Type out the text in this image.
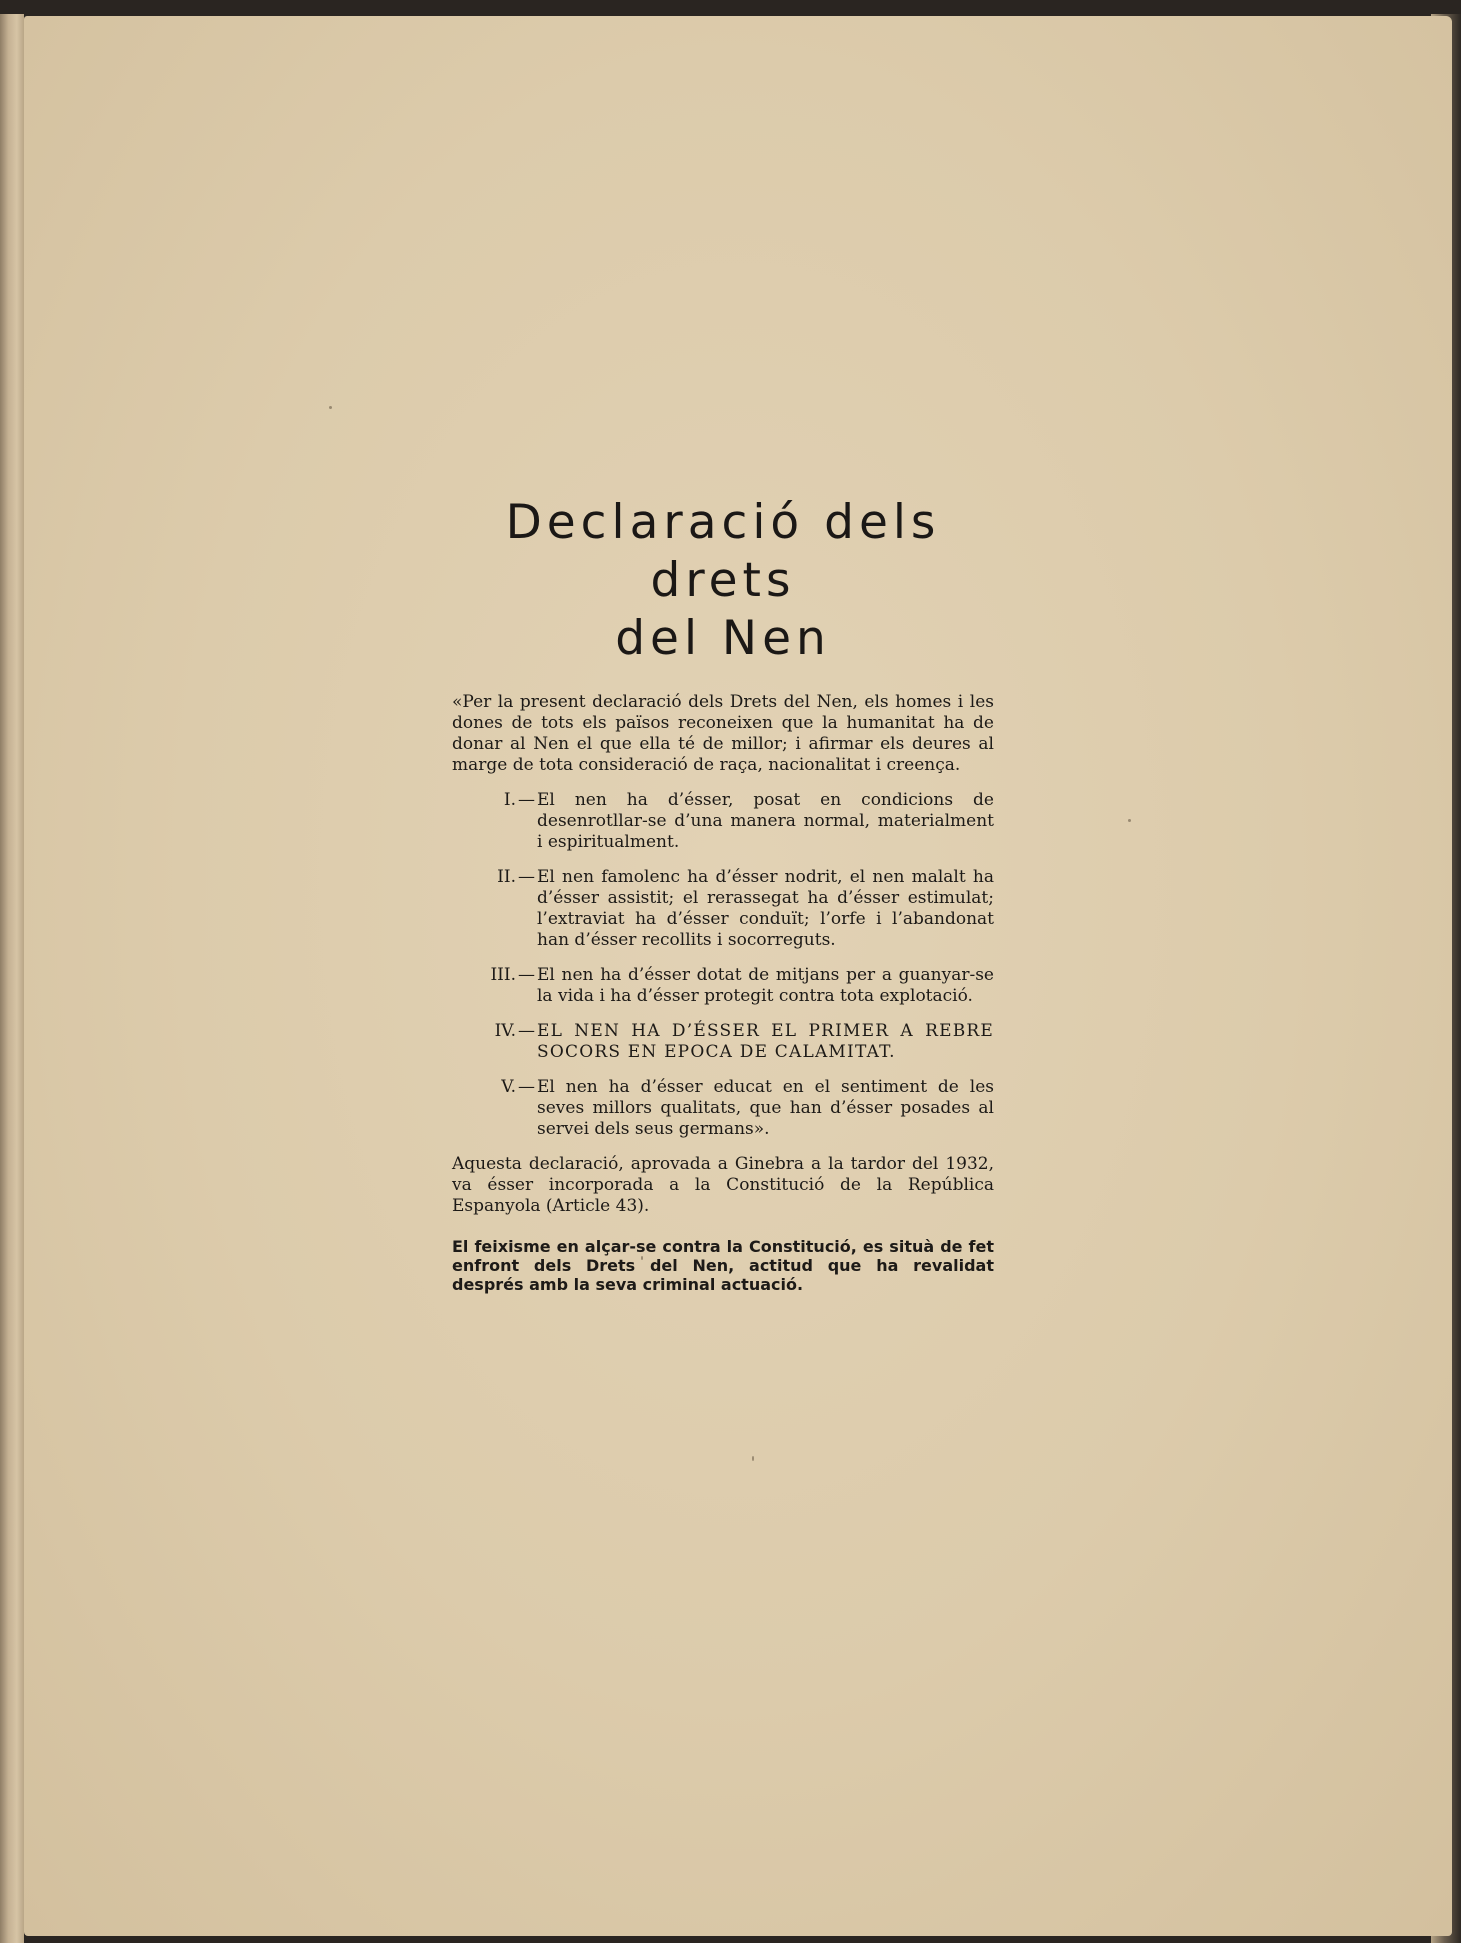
Declaració dels drets
del Nen

«Per la present declaració dels Drets del Nen, els homes i les dones de tots els països reconeixen que la humanitat ha de donar al Nen el que ella té de millor; i afirmar els deures al marge de tota consideració de raça, nacionalitat i creença.

I. — El nen ha d’ésser, posat en condicions de desenrotllar-se d’una manera normal, materialment i espiritualment.
II. — El nen famolenc ha d’ésser nodrit, el nen malalt ha d’ésser assistit; el rerassegat ha d’ésser estimulat; l’extraviat ha d’ésser conduït; l’orfe i l’abandonat han d’ésser recollits i socorreguts.
III. — El nen ha d’ésser dotat de mitjans per a guanyar-se la vida i ha d’ésser protegit contra tota explotació.
IV. — EL NEN HA D’ÉSSER EL PRIMER A REBRE SOCORS EN EPOCA DE CALAMITAT.
V. — El nen ha d’ésser educat en el sentiment de les seves millors qualitats, que han d’ésser posades al servei dels seus germans».

Aquesta declaració, aprovada a Ginebra a la tardor del 1932, va ésser incorporada a la Constitució de la República Espanyola (Article 43).

El feixisme en alçar-se contra la Constitució, es situà de fet enfront dels Drets del Nen, actitud que ha revalidat després amb la seva criminal actuació.
